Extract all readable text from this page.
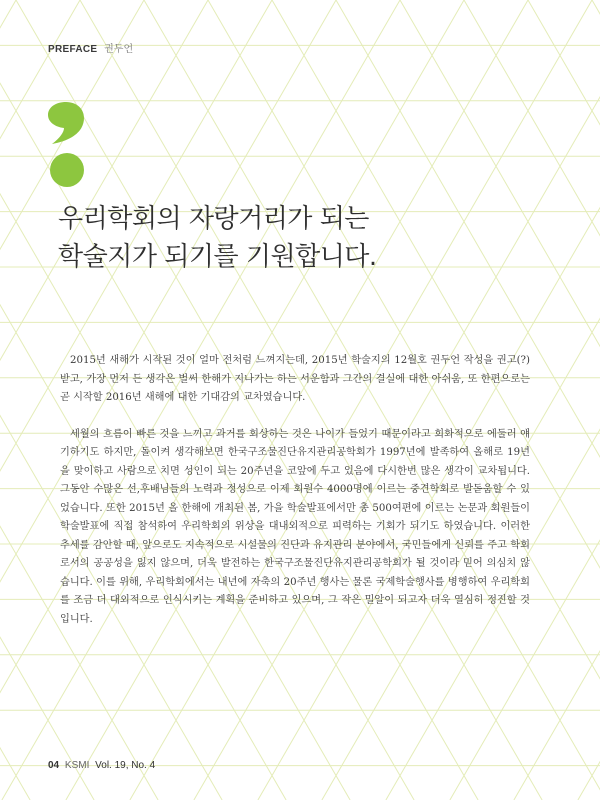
PREFACE 권두언
우리학회의 자랑거리가 되는
학술지가 되기를 기원합니다.

2015년 새해가 시작된 것이 얼마 전처럼 느껴지는데, 2015년 학술지의 12월호 권두언 작성을 권고(?) 받고, 가장 먼저 든 생각은 벌써 한해가 지나가는 하는 서운함과 그간의 결실에 대한 아쉬움, 또 한편으로는 곧 시작할 2016년 새해에 대한 기대감의 교차였습니다.

세월의 흐름이 빠른 것을 느끼고 과거를 회상하는 것은 나이가 들었기 때문이라고 희화적으로 에둘러 얘기하기도 하지만, 돌이켜 생각해보면 한국구조물진단유지관리공학회가 1997년에 발족하여 올해로 19년을 맞이하고 사람으로 치면 성인이 되는 20주년을 코앞에 두고 있음에 다시한번 많은 생각이 교차됩니다. 그동안 수많은 선,후배님들의 노력과 정성으로 이제 회원수 4000명에 이르는 중견학회로 발돋움할 수 있었습니다. 또한 2015년 올 한해에 개최된 봄, 가을 학술발표에서만 총 500여편에 이르는 논문과 회원들이 학술발표에 직접 참석하여 우리학회의 위상을 대내외적으로 피력하는 기회가 되기도 하였습니다. 이러한 추세를 감안할 때, 앞으로도 지속적으로 시설물의 진단과 유지관리 분야에서, 국민들에게 신뢰를 주고 학회로서의 공공성을 잃지 않으며, 더욱 발전하는 한국구조물진단유지관리공학회가 될 것이라 믿어 의심치 않습니다. 이를 위해, 우리학회에서는 내년에 자축의 20주년 행사는 물론 국제학술행사를 병행하여 우리학회를 조금 더 대외적으로 인식시키는 계획을 준비하고 있으며, 그 작은 밀알이 되고자 더욱 열심히 정진할 것입니다.

04 KSMI Vol. 19, No. 4
